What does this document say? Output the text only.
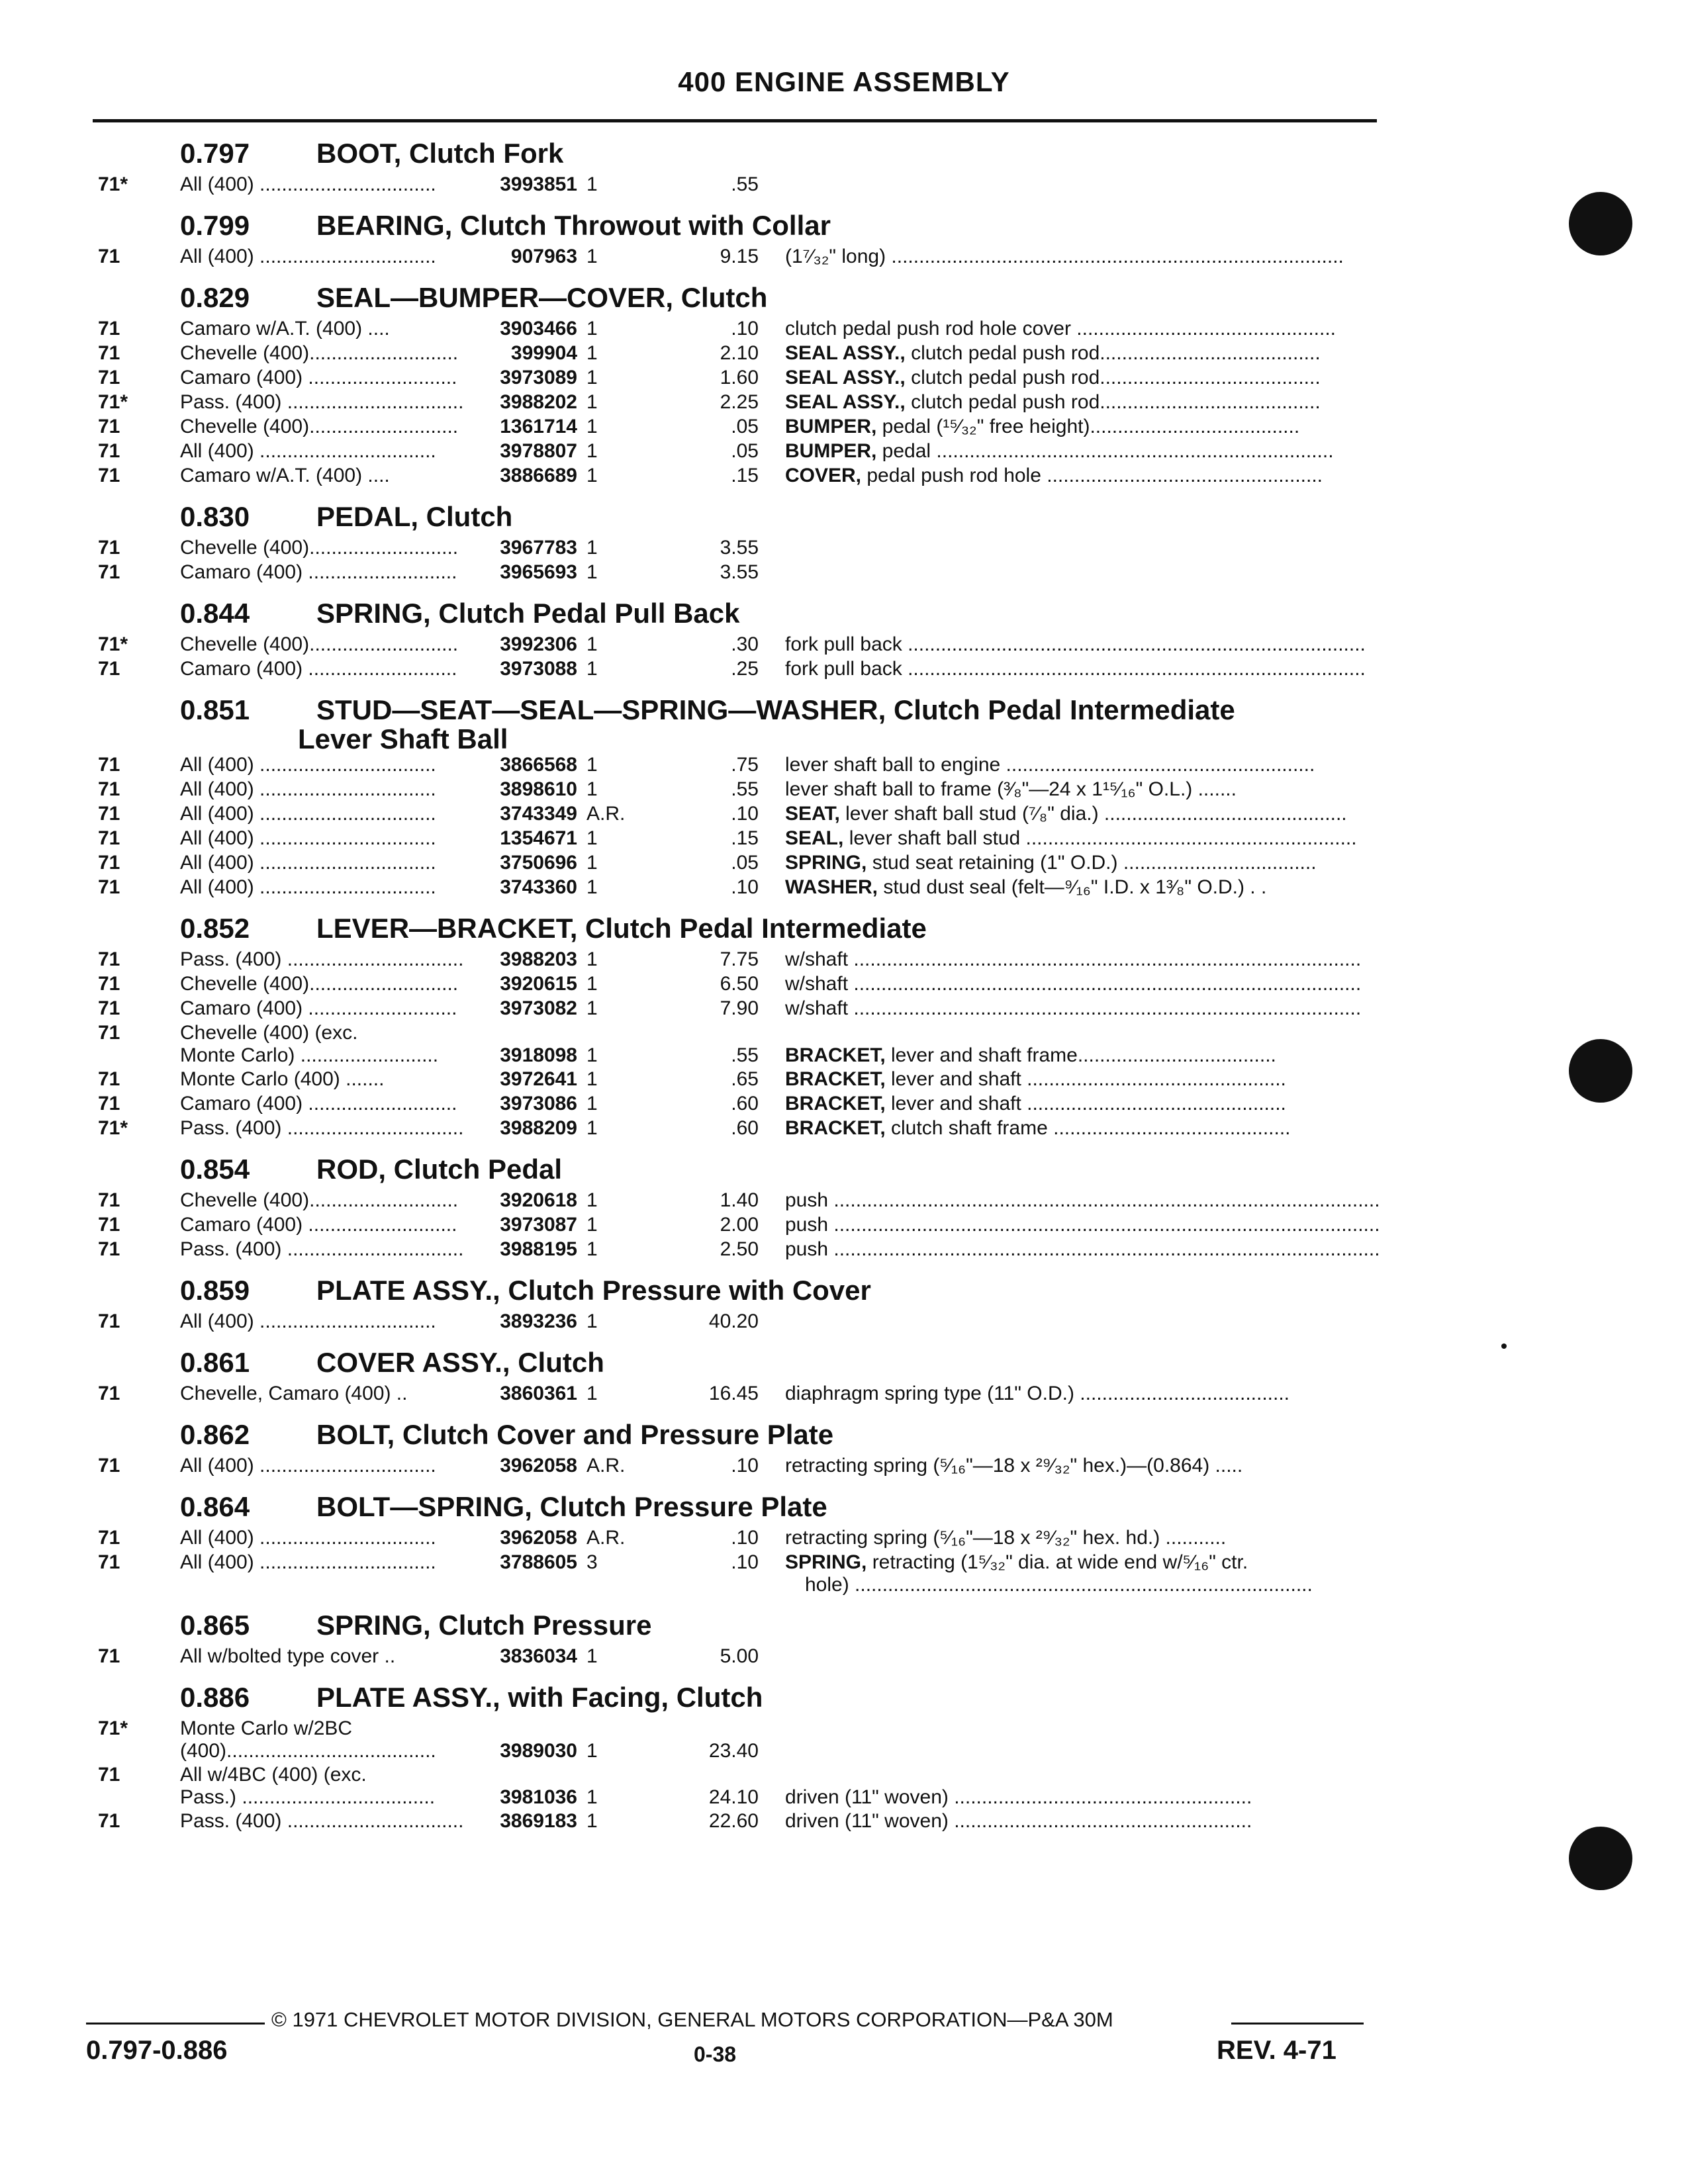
400 ENGINE ASSEMBLY
0.797 BOOT, Clutch Fork
71*	All (400) ................................	3993851 1	.55
0.799 BEARING, Clutch Throwout with Collar
71	All (400) ................................	907963 1	9.15 (1⁷⁄₃₂" long) ..................................................................................
0.829 SEAL—BUMPER—COVER, Clutch
71	Camaro w/A.T. (400) ....	3903466 1	.10 clutch pedal push rod hole cover ...............................................
71	Chevelle (400)...........................	399904 1	2.10 SEAL ASSY., clutch pedal push rod........................................
71	Camaro (400) ...........................	3973089 1	1.60 SEAL ASSY., clutch pedal push rod........................................
71*	Pass. (400) ................................	3988202 1	2.25 SEAL ASSY., clutch pedal push rod........................................
71	Chevelle (400)...........................	1361714 1	.05 BUMPER, pedal (¹⁵⁄₃₂" free height)......................................
71	All (400) ................................	3978807 1	.05 BUMPER, pedal ........................................................................
71	Camaro w/A.T. (400) ....	3886689 1	.15 COVER, pedal push rod hole ..................................................
0.830 PEDAL, Clutch
71	Chevelle (400)...........................	3967783 1	3.55
71	Camaro (400) ...........................	3965693 1	3.55
0.844 SPRING, Clutch Pedal Pull Back
71*	Chevelle (400)...........................	3992306 1	.30 fork pull back ...................................................................................
71	Camaro (400) ...........................	3973088 1	.25 fork pull back ...................................................................................
0.851 STUD—SEAT—SEAL—SPRING—WASHER, Clutch Pedal Intermediate
Lever Shaft Ball
71	All (400) ................................	3866568 1	.75 lever shaft ball to engine ........................................................
71	All (400) ................................	3898610 1	.55 lever shaft ball to frame (³⁄₈"—24 x 1¹⁵⁄₁₆" O.L.) .......
71	All (400) ................................	3743349 A.R.	.10 SEAT, lever shaft ball stud (⁷⁄₈" dia.) ............................................
71	All (400) ................................	1354671 1	.15 SEAL, lever shaft ball stud ............................................................
71	All (400) ................................	3750696 1	.05 SPRING, stud seat retaining (1" O.D.) ...................................
71	All (400) ................................	3743360 1	.10 WASHER, stud dust seal (felt—⁹⁄₁₆" I.D. x 1³⁄₈" O.D.) . .
0.852 LEVER—BRACKET, Clutch Pedal Intermediate
71	Pass. (400) ................................	3988203 1	7.75 w/shaft ............................................................................................
71	Chevelle (400)...........................	3920615 1	6.50 w/shaft ............................................................................................
71	Camaro (400) ...........................	3973082 1	7.90 w/shaft ............................................................................................
71	Chevelle (400) (exc.
Monte Carlo) .........................	3918098 1	.55 BRACKET, lever and shaft frame....................................
71	Monte Carlo (400) .......	3972641 1	.65 BRACKET, lever and shaft ...............................................
71	Camaro (400) ...........................	3973086 1	.60 BRACKET, lever and shaft ...............................................
71*	Pass. (400) ................................	3988209 1	.60 BRACKET, clutch shaft frame ...........................................
0.854 ROD, Clutch Pedal
71	Chevelle (400)...........................	3920618 1	1.40 push ...................................................................................................
71	Camaro (400) ...........................	3973087 1	2.00 push ...................................................................................................
71	Pass. (400) ................................	3988195 1	2.50 push ...................................................................................................
0.859 PLATE ASSY., Clutch Pressure with Cover
71	All (400) ................................	3893236 1	40.20
0.861 COVER ASSY., Clutch
71	Chevelle, Camaro (400) ..	3860361 1	16.45 diaphragm spring type (11" O.D.) ......................................
0.862 BOLT, Clutch Cover and Pressure Plate
71	All (400) ................................	3962058 A.R.	.10 retracting spring (⁵⁄₁₆"—18 x ²⁹⁄₃₂" hex.)—(0.864) .....
0.864 BOLT—SPRING, Clutch Pressure Plate
71	All (400) ................................	3962058 A.R.	.10 retracting spring (⁵⁄₁₆"—18 x ²⁹⁄₃₂" hex. hd.) ...........
71	All (400) ................................	3788605 3	.10 SPRING, retracting (1⁵⁄₃₂" dia. at wide end w/⁵⁄₁₆" ctr.
hole) ...................................................................................
0.865 SPRING, Clutch Pressure
71	All w/bolted type cover ..	3836034 1	5.00
0.886 PLATE ASSY., with Facing, Clutch
71*	Monte Carlo w/2BC
(400)......................................	3989030 1	23.40
71	All w/4BC (400) (exc.
Pass.) ...................................	3981036 1	24.10 driven (11" woven) ......................................................
71	Pass. (400) ................................	3869183 1	22.60 driven (11" woven) ......................................................
© 1971 CHEVROLET MOTOR DIVISION, GENERAL MOTORS CORPORATION—P&A 30M
0.797-0.886	0-38	REV. 4-71
